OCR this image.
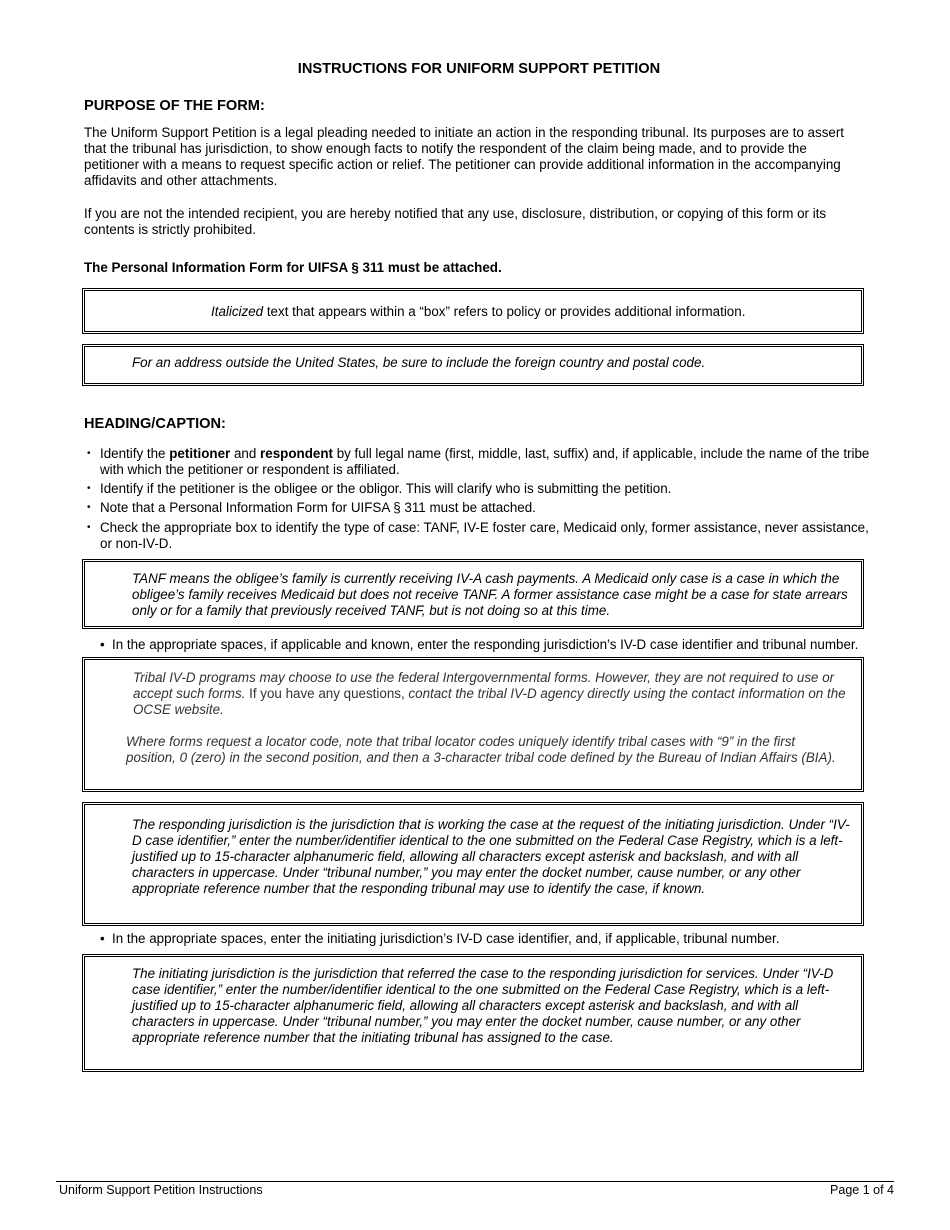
INSTRUCTIONS FOR UNIFORM SUPPORT PETITION
PURPOSE OF THE FORM:
The Uniform Support Petition is a legal pleading needed to initiate an action in the responding tribunal. Its purposes are to assert that the tribunal has jurisdiction, to show enough facts to notify the respondent of the claim being made, and to provide the petitioner with a means to request specific action or relief. The petitioner can provide additional information in the accompanying affidavits and other attachments.
If you are not the intended recipient, you are hereby notified that any use, disclosure, distribution, or copying of this form or its contents is strictly prohibited.
The Personal Information Form for UIFSA § 311 must be attached.
Italicized text that appears within a “box” refers to policy or provides additional information.
For an address outside the United States, be sure to include the foreign country and postal code.
HEADING/CAPTION:
• Identify the petitioner and respondent by full legal name (first, middle, last, suffix) and, if applicable, include the name of the tribe with which the petitioner or respondent is affiliated.
• Identify if the petitioner is the obligee or the obligor. This will clarify who is submitting the petition.
• Note that a Personal Information Form for UIFSA § 311 must be attached.
• Check the appropriate box to identify the type of case: TANF, IV-E foster care, Medicaid only, former assistance, never assistance, or non-IV-D.
TANF means the obligee’s family is currently receiving IV-A cash payments. A Medicaid only case is a case in which the obligee’s family receives Medicaid but does not receive TANF. A former assistance case might be a case for state arrears only or for a family that previously received TANF, but is not doing so at this time.
• In the appropriate spaces, if applicable and known, enter the responding jurisdiction’s IV-D case identifier and tribunal number.
Tribal IV-D programs may choose to use the federal Intergovernmental forms. However, they are not required to use or accept such forms. If you have any questions, contact the tribal IV-D agency directly using the contact information on the OCSE website.
Where forms request a locator code, note that tribal locator codes uniquely identify tribal cases with “9” in the first position, 0 (zero) in the second position, and then a 3-character tribal code defined by the Bureau of Indian Affairs (BIA).
The responding jurisdiction is the jurisdiction that is working the case at the request of the initiating jurisdiction. Under “IV-D case identifier,” enter the number/identifier identical to the one submitted on the Federal Case Registry, which is a left-justified up to 15-character alphanumeric field, allowing all characters except asterisk and backslash, and with all characters in uppercase. Under “tribunal number,” you may enter the docket number, cause number, or any other appropriate reference number that the responding tribunal may use to identify the case, if known.
• In the appropriate spaces, enter the initiating jurisdiction’s IV-D case identifier, and, if applicable, tribunal number.
The initiating jurisdiction is the jurisdiction that referred the case to the responding jurisdiction for services. Under “IV-D case identifier,” enter the number/identifier identical to the one submitted on the Federal Case Registry, which is a left-justified up to 15-character alphanumeric field, allowing all characters except asterisk and backslash, and with all characters in uppercase. Under “tribunal number,” you may enter the docket number, cause number, or any other appropriate reference number that the initiating tribunal has assigned to the case.
Uniform Support Petition Instructions	Page 1 of 4
